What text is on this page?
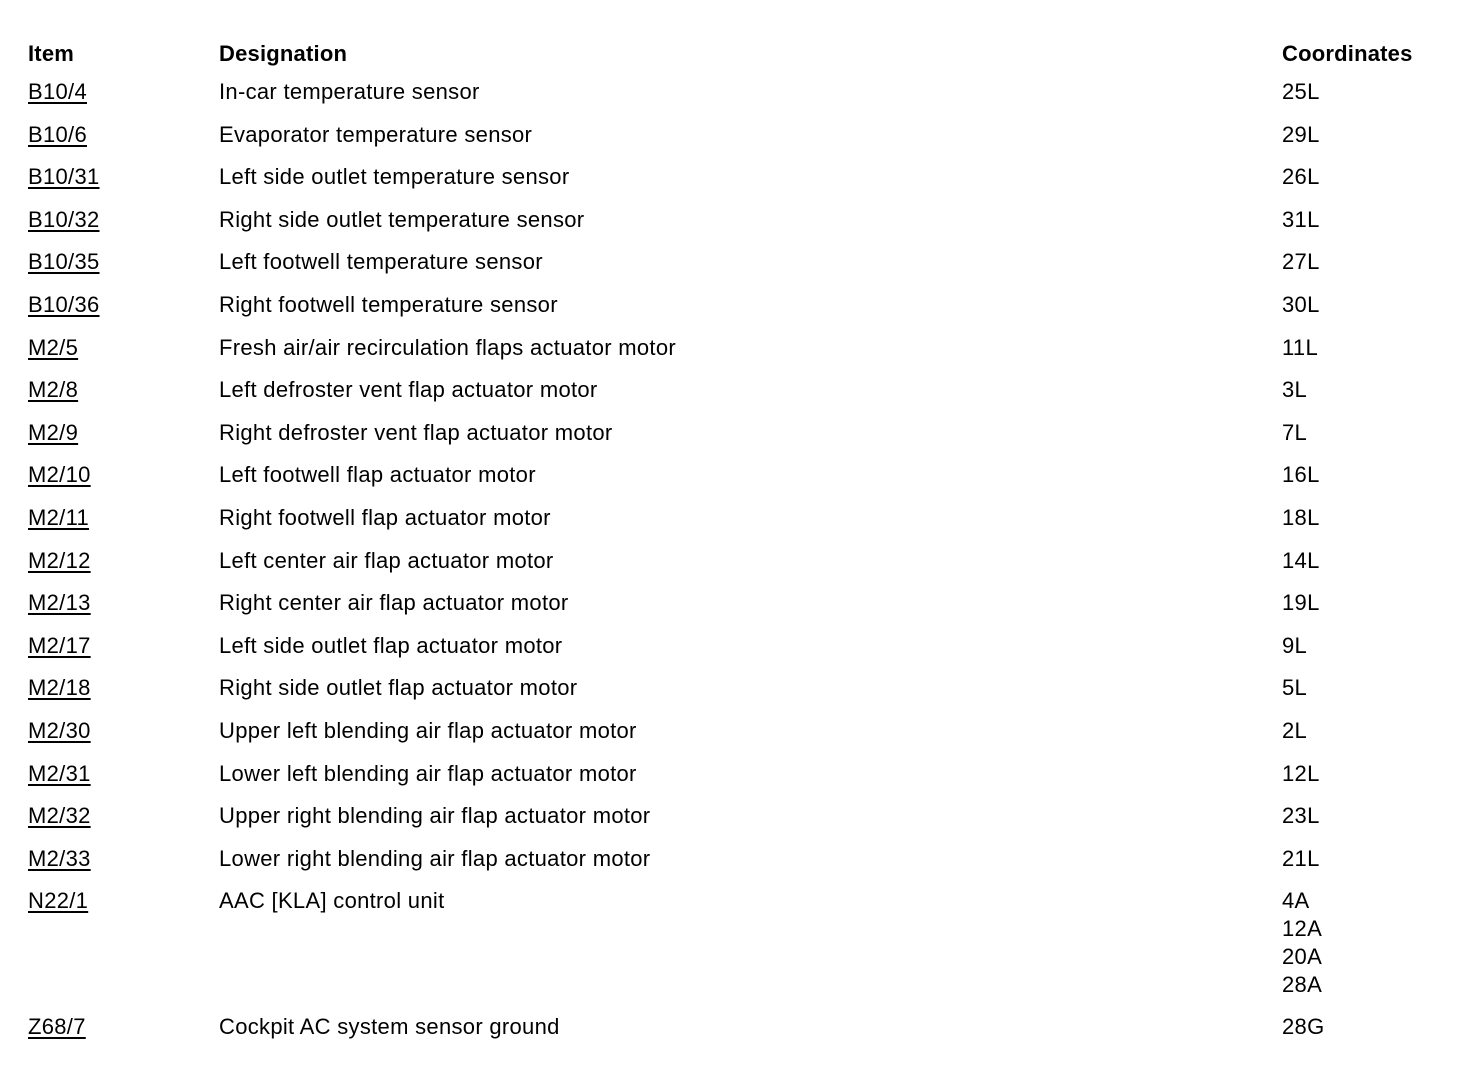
Item	Designation	Coordinates
B10/4	In-car temperature sensor	25L

B10/6	Evaporator temperature sensor	29L

B10/31	Left side outlet temperature sensor	26L

B10/32	Right side outlet temperature sensor	31L

B10/35	Left footwell temperature sensor	27L

B10/36	Right footwell temperature sensor	30L

M2/5	Fresh air/air recirculation flaps actuator motor	11L

M2/8	Left defroster vent flap actuator motor	3L

M2/9	Right defroster vent flap actuator motor	7L

M2/10	Left footwell flap actuator motor	16L

M2/11	Right footwell flap actuator motor	18L

M2/12	Left center air flap actuator motor	14L

M2/13	Right center air flap actuator motor	19L

M2/17	Left side outlet flap actuator motor	9L

M2/18	Right side outlet flap actuator motor	5L

M2/30	Upper left blending air flap actuator motor	2L

M2/31	Lower left blending air flap actuator motor	12L

M2/32	Upper right blending air flap actuator motor	23L

M2/33	Lower right blending air flap actuator motor	21L

N22/1	AAC [KLA] control unit	4A
12A
20A
28A

Z68/7	Cockpit AC system sensor ground	28G
